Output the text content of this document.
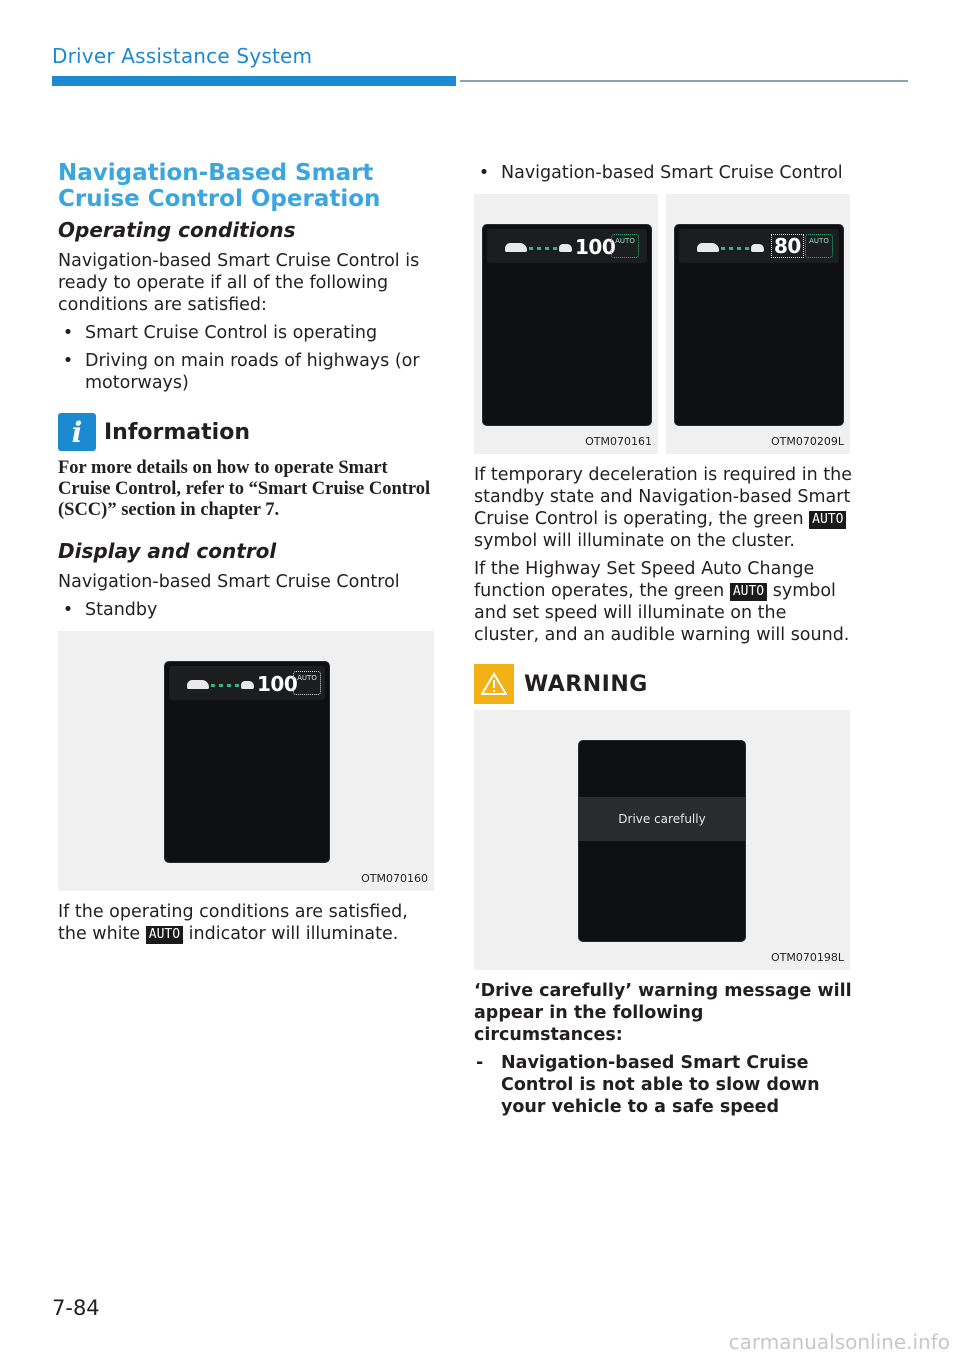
Driver Assistance System
Navigation-Based Smart Cruise Control Operation
Operating conditions
Navigation-based Smart Cruise Control is ready to operate if all of the following conditions are satisfied:
• Smart Cruise Control is operating
• Driving on main roads of highways (or motorways)
i Information
For more details on how to operate Smart Cruise Control, refer to “Smart Cruise Control (SCC)” section in chapter 7.
Display and control
Navigation-based Smart Cruise Control
• Standby
100 AUTO
OTM070160
If the operating conditions are satisfied, the white AUTO indicator will illuminate.
• Navigation-based Smart Cruise Control
100 AUTO
OTM070161
80	AUTO
OTM070209L
If temporary deceleration is required in the standby state and Navigation-based Smart Cruise Control is operating, the green AUTO symbol will illuminate on the cluster.
If the Highway Set Speed Auto Change function operates, the green AUTO symbol and set speed will illuminate on the cluster, and an audible warning will sound.
WARNING
Drive carefully
OTM070198L
‘Drive carefully’ warning message will appear in the following circumstances:
- Navigation-based Smart Cruise Control is not able to slow down your vehicle to a safe speed
7-84
carmanualsonline.info
